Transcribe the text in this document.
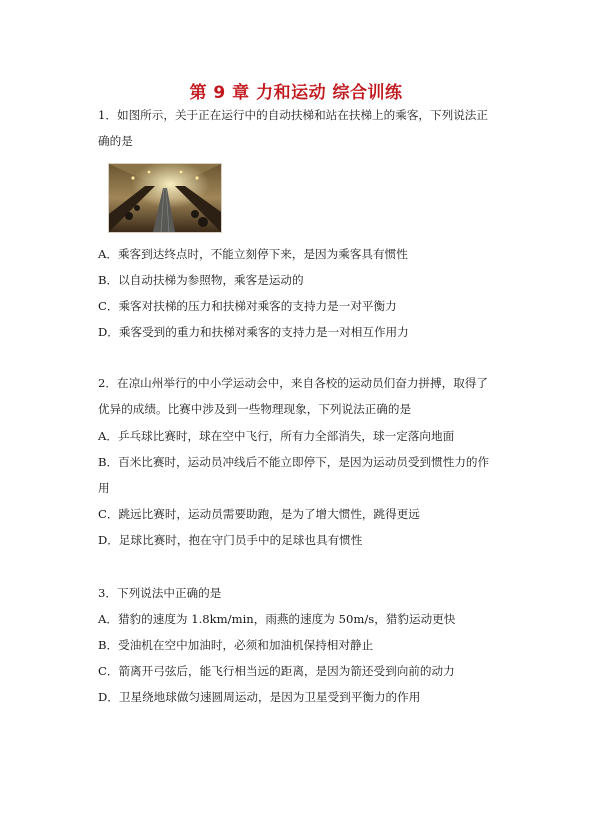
第 9 章 力和运动 综合训练
1．如图所示，关于正在运行中的自动扶梯和站在扶梯上的乘客，下列说法正
确的是
A．乘客到达终点时，不能立刻停下来，是因为乘客具有惯性
B．以自动扶梯为参照物，乘客是运动的
C．乘客对扶梯的压力和扶梯对乘客的支持力是一对平衡力
D．乘客受到的重力和扶梯对乘客的支持力是一对相互作用力
2．在凉山州举行的中小学运动会中，来自各校的运动员们奋力拼搏，取得了
优异的成绩。比赛中涉及到一些物理现象，下列说法正确的是
A．乒乓球比赛时，球在空中飞行，所有力全部消失，球一定落向地面
B．百米比赛时，运动员冲线后不能立即停下，是因为运动员受到惯性力的作
用
C．跳远比赛时，运动员需要助跑，是为了增大惯性，跳得更远
D．足球比赛时，抱在守门员手中的足球也具有惯性
3．下列说法中正确的是
A．猎豹的速度为 1.8km/min，雨燕的速度为 50m/s，猎豹运动更快
B．受油机在空中加油时，必须和加油机保持相对静止
C．箭离开弓弦后，能飞行相当远的距离，是因为箭还受到向前的动力
D．卫星绕地球做匀速圆周运动，是因为卫星受到平衡力的作用
